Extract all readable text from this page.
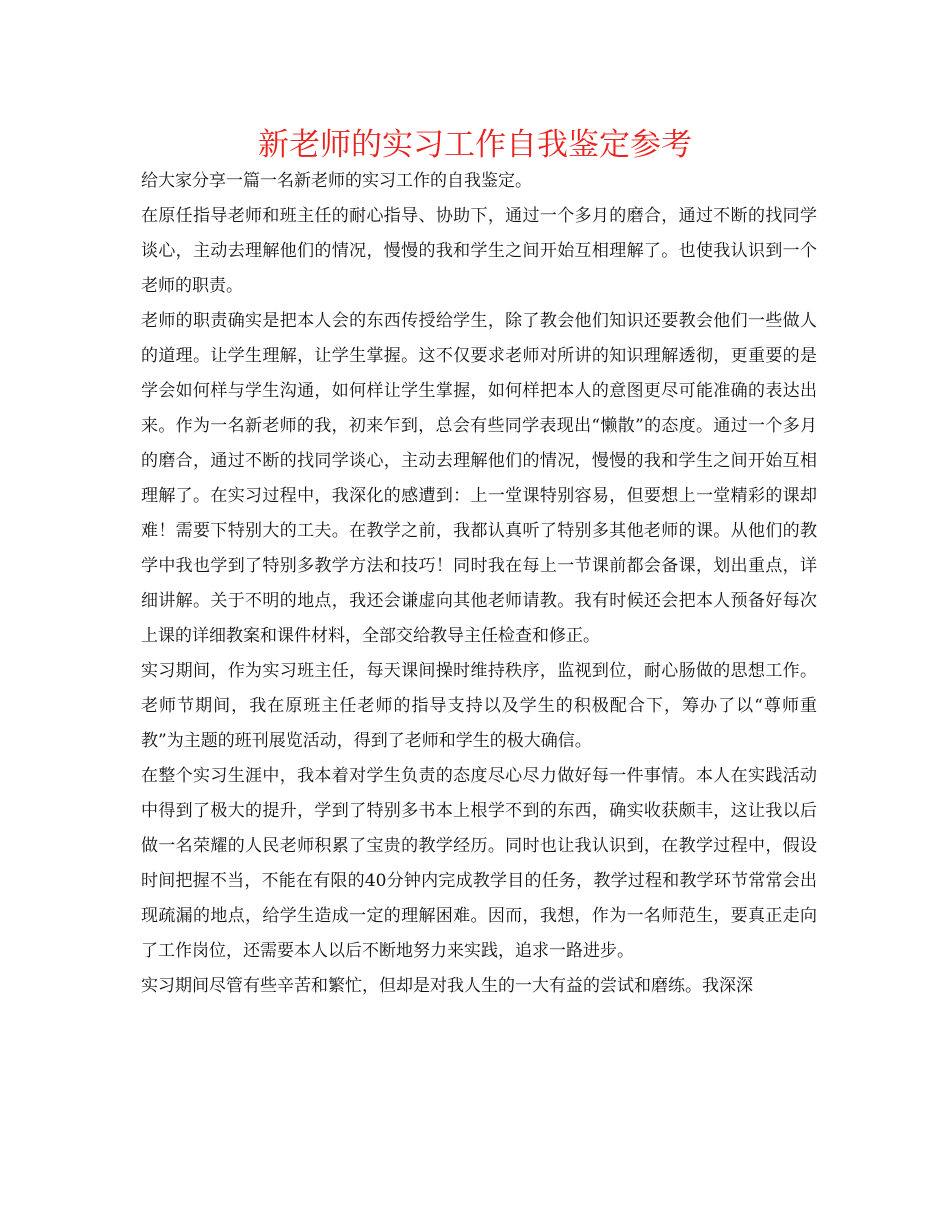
新老师的实习工作自我鉴定参考

给大家分享一篇一名新老师的实习工作的自我鉴定。

在原任指导老师和班主任的耐心指导、协助下，通过一个多月的磨合，通过不断的找同学谈心，主动去理解他们的情况，慢慢的我和学生之间开始互相理解了。也使我认识到一个老师的职责。

老师的职责确实是把本人会的东西传授给学生，除了教会他们知识还要教会他们一些做人的道理。让学生理解，让学生掌握。这不仅要求老师对所讲的知识理解透彻，更重要的是学会如何样与学生沟通，如何样让学生掌握，如何样把本人的意图更尽可能准确的表达出来。作为一名新老师的我，初来乍到，总会有些同学表现出“懒散”的态度。通过一个多月的磨合，通过不断的找同学谈心，主动去理解他们的情况，慢慢的我和学生之间开始互相理解了。在实习过程中，我深化的感遭到：上一堂课特别容易，但要想上一堂精彩的课却难！需要下特别大的工夫。在教学之前，我都认真听了特别多其他老师的课。从他们的教学中我也学到了特别多教学方法和技巧！同时我在每上一节课前都会备课，划出重点，详细讲解。关于不明的地点，我还会谦虚向其他老师请教。我有时候还会把本人预备好每次上课的详细教案和课件材料，全部交给教导主任检查和修正。

实习期间，作为实习班主任，每天课间操时维持秩序，监视到位，耐心肠做的思想工作。老师节期间，我在原班主任老师的指导支持以及学生的积极配合下，筹办了以“尊师重教”为主题的班刊展览活动，得到了老师和学生的极大确信。

在整个实习生涯中，我本着对学生负责的态度尽心尽力做好每一件事情。本人在实践活动中得到了极大的提升，学到了特别多书本上根学不到的东西，确实收获颇丰，这让我以后做一名荣耀的人民老师积累了宝贵的教学经历。同时也让我认识到，在教学过程中，假设时间把握不当，不能在有限的40分钟内完成教学目的任务，教学过程和教学环节常常会出现疏漏的地点，给学生造成一定的理解困难。因而，我想，作为一名师范生，要真正走向了工作岗位，还需要本人以后不断地努力来实践，追求一路进步。

实习期间尽管有些辛苦和繁忙，但却是对我人生的一大有益的尝试和磨练。我深深
